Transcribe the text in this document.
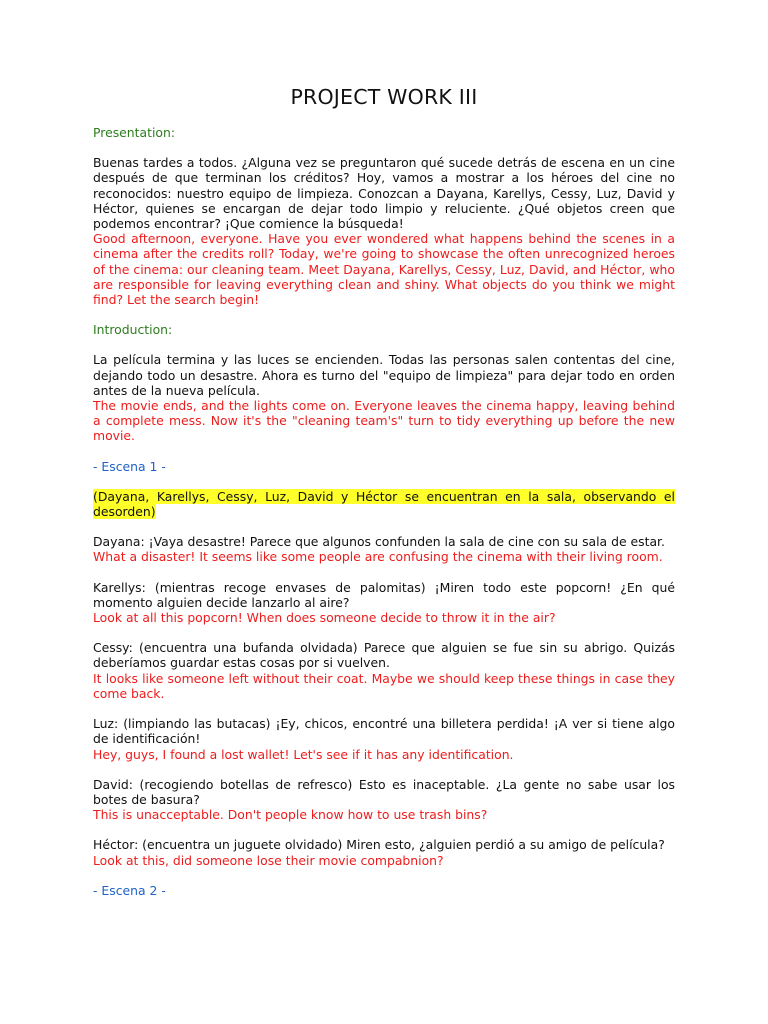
PROJECT WORK III

Presentation:

Buenas tardes a todos. ¿Alguna vez se preguntaron qué sucede detrás de escena en un cine después de que terminan los créditos? Hoy, vamos a mostrar a los héroes del cine no reconocidos: nuestro equipo de limpieza. Conozcan a Dayana, Karellys, Cessy, Luz, David y Héctor, quienes se encargan de dejar todo limpio y reluciente. ¿Qué objetos creen que podemos encontrar? ¡Que comience la búsqueda!

Good afternoon, everyone. Have you ever wondered what happens behind the scenes in a cinema after the credits roll? Today, we're going to showcase the often unrecognized heroes of the cinema: our cleaning team. Meet Dayana, Karellys, Cessy, Luz, David, and Héctor, who are responsible for leaving everything clean and shiny. What objects do you think we might find? Let the search begin!

Introduction:

La película termina y las luces se encienden. Todas las personas salen contentas del cine, dejando todo un desastre. Ahora es turno del "equipo de limpieza" para dejar todo en orden antes de la nueva película.

The movie ends, and the lights come on. Everyone leaves the cinema happy, leaving behind a complete mess. Now it's the "cleaning team's" turn to tidy everything up before the new movie.

- Escena 1 -

(Dayana, Karellys, Cessy, Luz, David y Héctor se encuentran en la sala, observando el desorden)

Dayana: ¡Vaya desastre! Parece que algunos confunden la sala de cine con su sala de estar.

What a disaster! It seems like some people are confusing the cinema with their living room.

Karellys: (mientras recoge envases de palomitas) ¡Miren todo este popcorn! ¿En qué momento alguien decide lanzarlo al aire?

Look at all this popcorn! When does someone decide to throw it in the air?

Cessy: (encuentra una bufanda olvidada) Parece que alguien se fue sin su abrigo. Quizás deberíamos guardar estas cosas por si vuelven.

It looks like someone left without their coat. Maybe we should keep these things in case they come back.

Luz: (limpiando las butacas) ¡Ey, chicos, encontré una billetera perdida! ¡A ver si tiene algo de identificación!

Hey, guys, I found a lost wallet! Let's see if it has any identification.

David: (recogiendo botellas de refresco) Esto es inaceptable. ¿La gente no sabe usar los botes de basura?

This is unacceptable. Don't people know how to use trash bins?

Héctor: (encuentra un juguete olvidado) Miren esto, ¿alguien perdió a su amigo de película?

Look at this, did someone lose their movie compabnion?

- Escena 2 -
